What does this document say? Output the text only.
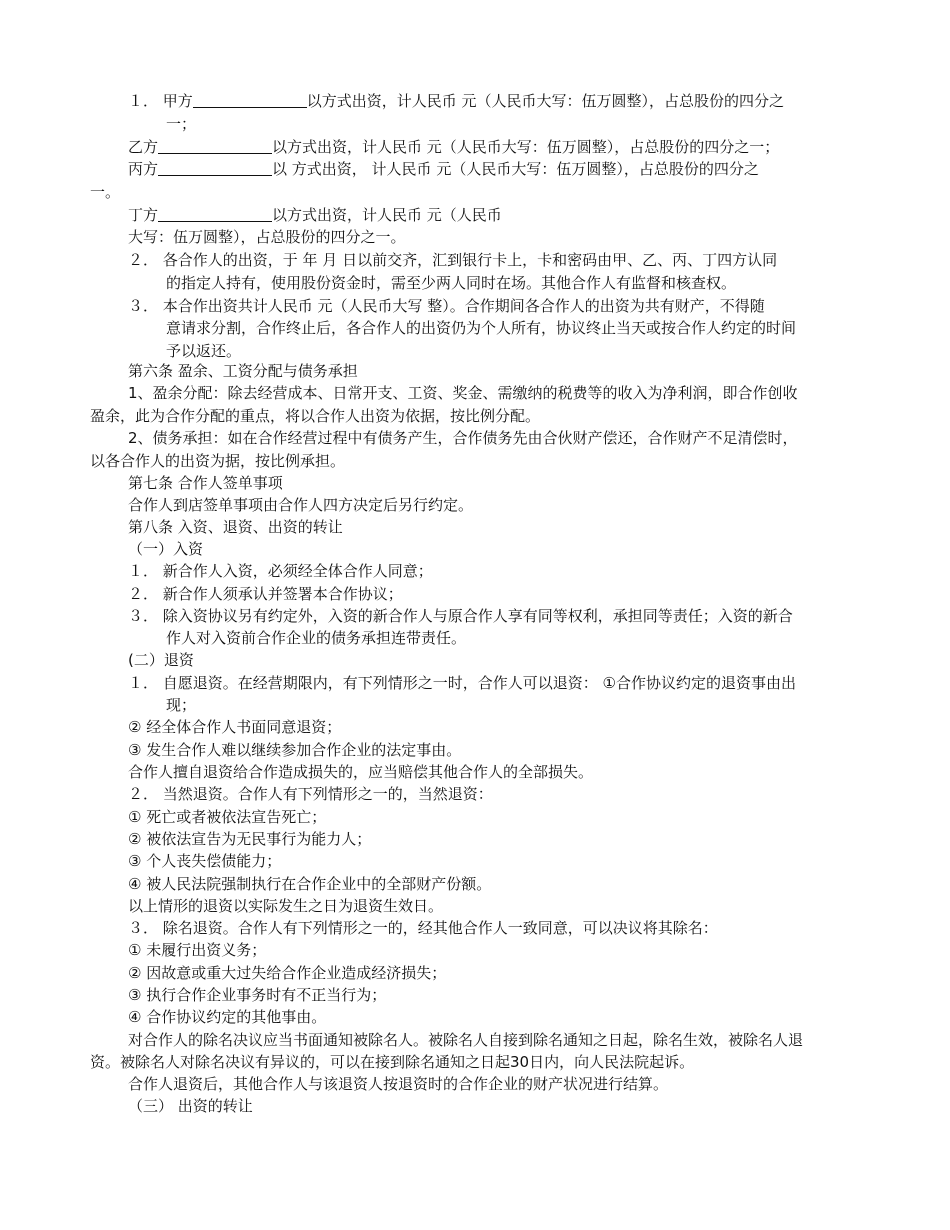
１． 甲方	以方式出资，计人民币 元（人民币大写：伍万圆整），占总股份的四分之
一；
乙方	以方式出资，计人民币 元（人民币大写：伍万圆整），占总股份的四分之一；
丙方	以 方式出资， 计人民币 元（人民币大写：伍万圆整），占总股份的四分之
一。
丁方	以方式出资，计人民币 元（人民币
大写：伍万圆整），占总股份的四分之一。
２． 各合作人的出资，于 年 月 日以前交齐，汇到银行卡上，卡和密码由甲、乙、丙、丁四方认同
的指定人持有，使用股份资金时，需至少两人同时在场。其他合作人有监督和核查权。
３． 本合作出资共计人民币 元（人民币大写 整）。合作期间各合作人的出资为共有财产，不得随
意请求分割，合作终止后，各合作人的出资仍为个人所有，协议终止当天或按合作人约定的时间
予以返还。
第六条 盈余、工资分配与债务承担
1、盈余分配：除去经营成本、日常开支、工资、奖金、需缴纳的税费等的收入为净利润，即合作创收
盈余，此为合作分配的重点，将以合作人出资为依据，按比例分配。
2、债务承担：如在合作经营过程中有债务产生，合作债务先由合伙财产偿还，合作财产不足清偿时，
以各合作人的出资为据，按比例承担。
第七条 合作人签单事项
合作人到店签单事项由合作人四方决定后另行约定。
第八条 入资、退资、出资的转让
（一）入资
１． 新合作人入资，必须经全体合作人同意；
２． 新合作人须承认并签署本合作协议；
３． 除入资协议另有约定外，入资的新合作人与原合作人享有同等权利，承担同等责任；入资的新合
作人对入资前合作企业的债务承担连带责任。
(二）退资
１． 自愿退资。在经营期限内，有下列情形之一时，合作人可以退资： ①合作协议约定的退资事由出
现；
② 经全体合作人书面同意退资；
③ 发生合作人难以继续参加合作企业的法定事由。
合作人擅自退资给合作造成损失的，应当赔偿其他合作人的全部损失。
２． 当然退资。合作人有下列情形之一的，当然退资：
① 死亡或者被依法宣告死亡；
② 被依法宣告为无民事行为能力人；
③ 个人丧失偿债能力；
④ 被人民法院强制执行在合作企业中的全部财产份额。
以上情形的退资以实际发生之日为退资生效日。
３． 除名退资。合作人有下列情形之一的，经其他合作人一致同意，可以决议将其除名：
① 未履行出资义务；
② 因故意或重大过失给合作企业造成经济损失；
③ 执行合作企业事务时有不正当行为；
④ 合作协议约定的其他事由。
对合作人的除名决议应当书面通知被除名人。被除名人自接到除名通知之日起，除名生效，被除名人退
资。被除名人对除名决议有异议的，可以在接到除名通知之日起30日内，向人民法院起诉。
合作人退资后，其他合作人与该退资人按退资时的合作企业的财产状况进行结算。
（三） 出资的转让
